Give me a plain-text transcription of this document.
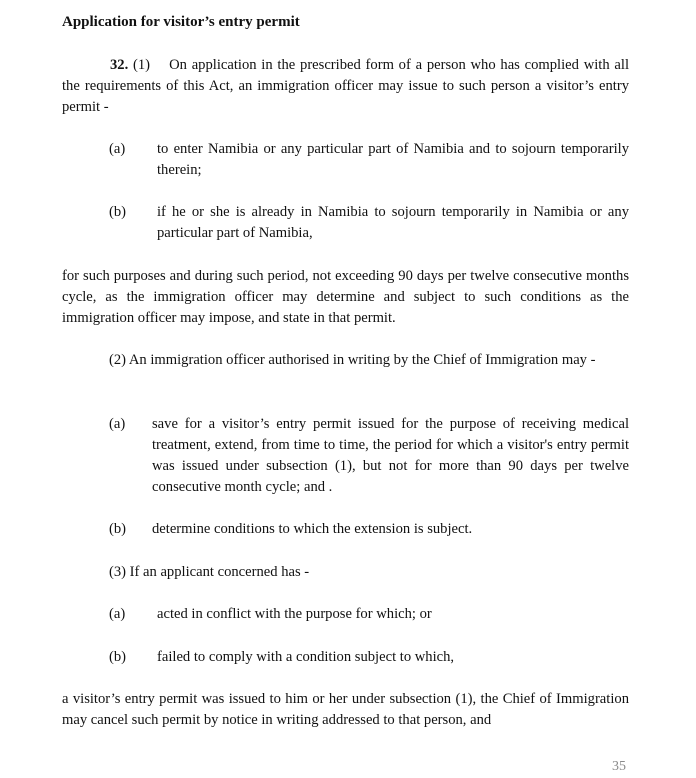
Application for visitor’s entry permit
32. (1) On application in the prescribed form of a person who has complied with all the requirements of this Act, an immigration officer may issue to such person a visitor’s entry permit -
(a) to enter Namibia or any particular part of Namibia and to sojourn temporarily therein;
(b) if he or she is already in Namibia to sojourn temporarily in Namibia or any particular part of Namibia,
for such purposes and during such period, not exceeding 90 days per twelve consecutive months cycle, as the immigration officer may determine and subject to such conditions as the immigration officer may impose, and state in that permit.
(2) An immigration officer authorised in writing by the Chief of Immigration may -
(a) save for a visitor’s entry permit issued for the purpose of receiving medical treatment, extend, from time to time, the period for which a visitor's entry permit was issued under subsection (1), but not for more than 90 days per twelve consecutive month cycle; and .
(b) determine conditions to which the extension is subject.
(3) If an applicant concerned has -
(a) acted in conflict with the purpose for which; or
(b) failed to comply with a condition subject to which,
a visitor’s entry permit was issued to him or her under subsection (1), the Chief of Immigration may cancel such permit by notice in writing addressed to that person, and
35
